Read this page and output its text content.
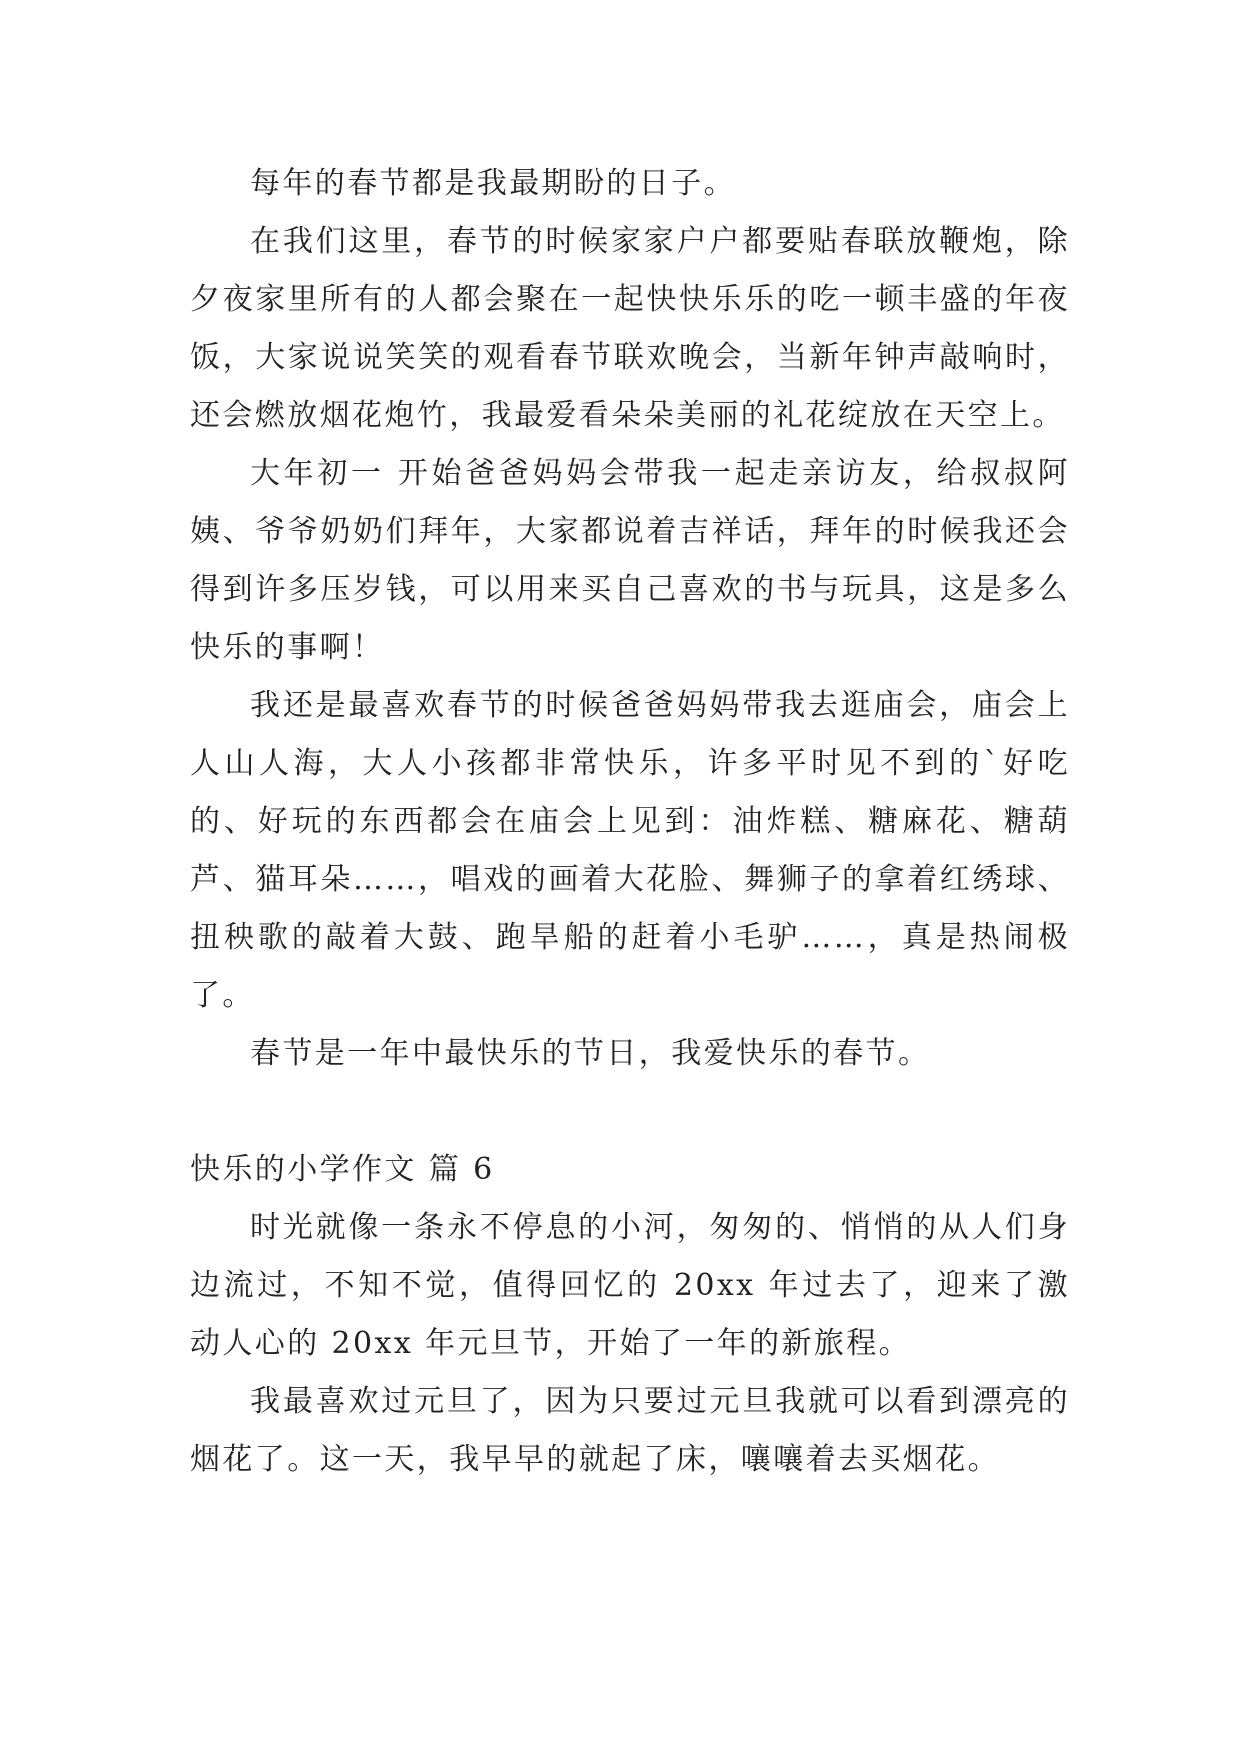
每年的春节都是我最期盼的日子。

在我们这里，春节的时候家家户户都要贴春联放鞭炮，除夕夜家里所有的人都会聚在一起快快乐乐的吃一顿丰盛的年夜饭，大家说说笑笑的观看春节联欢晚会，当新年钟声敲响时，还会燃放烟花炮竹，我最爱看朵朵美丽的礼花绽放在天空上。

大年初一 开始爸爸妈妈会带我一起走亲访友，给叔叔阿姨、爷爷奶奶们拜年，大家都说着吉祥话，拜年的时候我还会得到许多压岁钱，可以用来买自己喜欢的书与玩具，这是多么快乐的事啊！

我还是最喜欢春节的时候爸爸妈妈带我去逛庙会，庙会上人山人海，大人小孩都非常快乐，许多平时见不到的`好吃的、好玩的东西都会在庙会上见到：油炸糕、糖麻花、糖葫芦、猫耳朵……，唱戏的画着大花脸、舞狮子的拿着红绣球、扭秧歌的敲着大鼓、跑旱船的赶着小毛驴……，真是热闹极了。

春节是一年中最快乐的节日，我爱快乐的春节。

快乐的小学作文 篇 6

时光就像一条永不停息的小河，匆匆的、悄悄的从人们身边流过，不知不觉，值得回忆的 20xx 年过去了，迎来了激动人心的 20xx 年元旦节，开始了一年的新旅程。

我最喜欢过元旦了，因为只要过元旦我就可以看到漂亮的烟花了。这一天，我早早的就起了床，嚷嚷着去买烟花。
